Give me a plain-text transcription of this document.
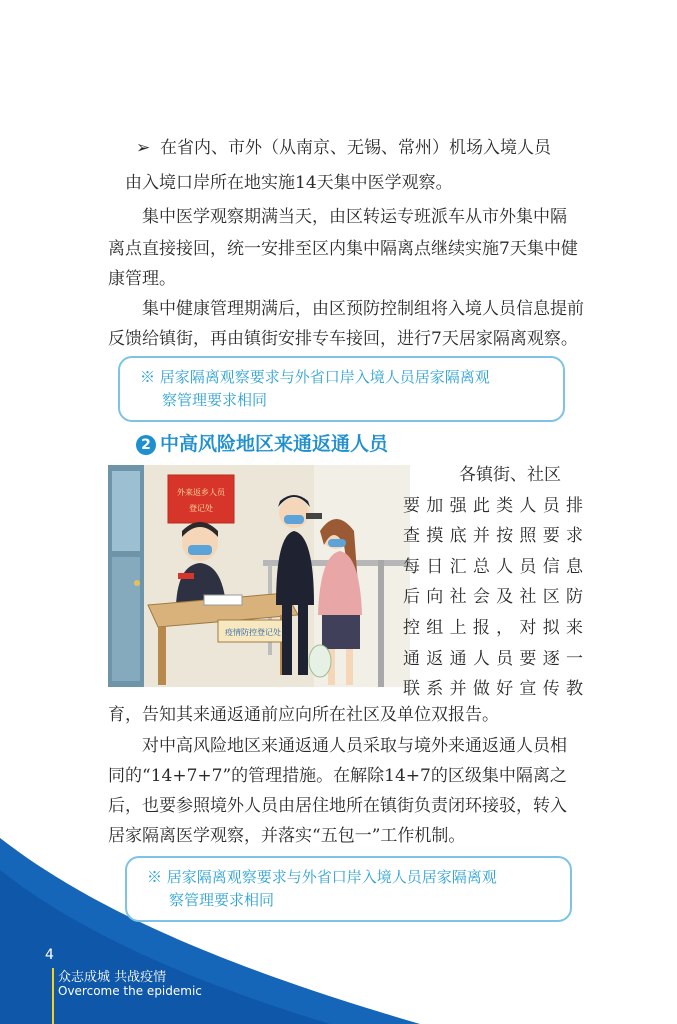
➢ 在省内、市外（从南京、无锡、常州）机场入境人员
由入境口岸所在地实施14天集中医学观察。
集中医学观察期满当天，由区转运专班派车从市外集中隔
离点直接接回，统一安排至区内集中隔离点继续实施7天集中健
康管理。
集中健康管理期满后，由区预防控制组将入境人员信息提前
反馈给镇街，再由镇街安排专车接回，进行7天居家隔离观察。
※ 居家隔离观察要求与外省口岸入境人员居家隔离观
察管理要求相同
2 中高风险地区来通返通人员
外来返乡人员
登记处
疫情防控登记处
各镇街、社区
要加强此类人员排
查摸底并按照要求
每日汇总人员信息
后向社会及社区防
控组上报，对拟来
通返通人员要逐一
联系并做好宣传教
育，告知其来通返通前应向所在社区及单位双报告。
对中高风险地区来通返通人员采取与境外来通返通人员相
同的“14+7+7”的管理措施。在解除14+7的区级集中隔离之
后，也要参照境外人员由居住地所在镇街负责闭环接驳，转入
居家隔离医学观察，并落实“五包一”工作机制。
※ 居家隔离观察要求与外省口岸入境人员居家隔离观
察管理要求相同
4
众志成城 共战疫情
Overcome the epidemic
